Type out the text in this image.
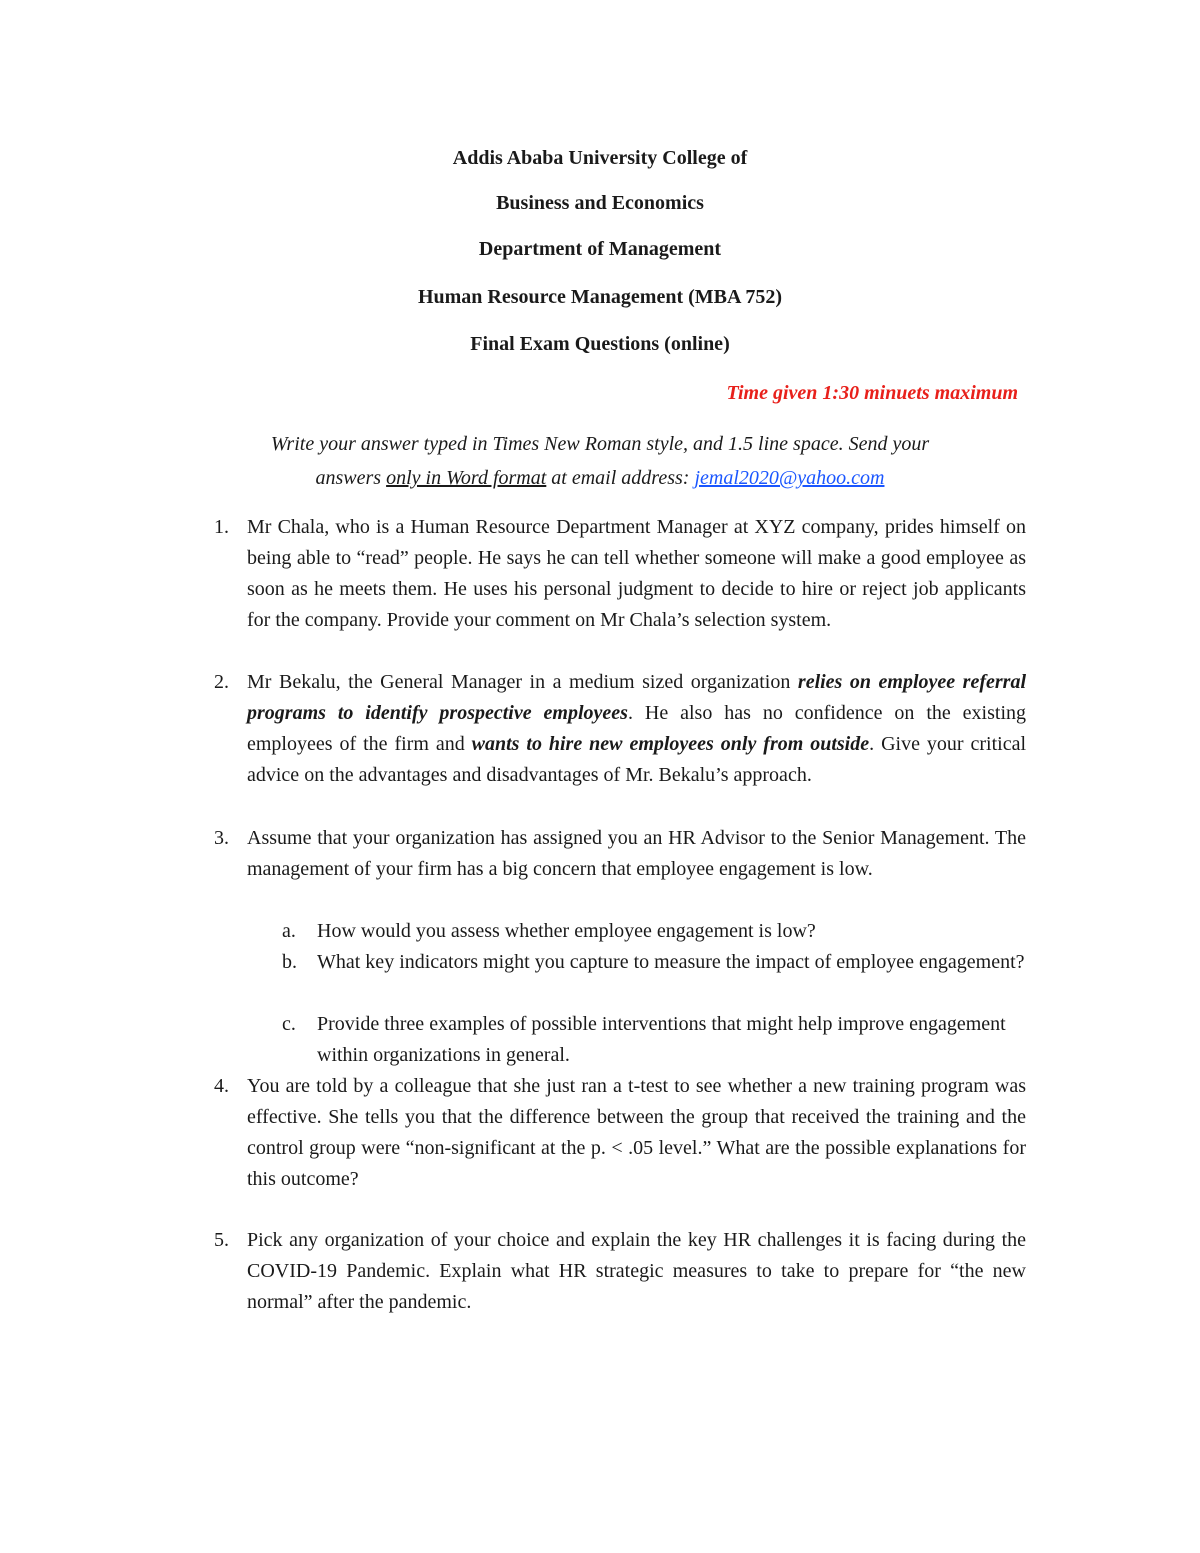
Addis Ababa University College of
Business and Economics
Department of Management
Human Resource Management (MBA 752)
Final Exam Questions (online)
Time given 1:30 minuets maximum
Write your answer typed in Times New Roman style, and 1.5 line space. Send your
answers only in Word format at email address: jemal2020@yahoo.com
1. Mr Chala, who is a Human Resource Department Manager at XYZ company, prides himself on being able to “read” people. He says he can tell whether someone will make a good employee as soon as he meets them. He uses his personal judgment to decide to hire or reject job applicants for the company. Provide your comment on Mr Chala’s selection system.
2. Mr Bekalu, the General Manager in a medium sized organization relies on employee referral programs to identify prospective employees. He also has no confidence on the existing employees of the firm and wants to hire new employees only from outside. Give your critical advice on the advantages and disadvantages of Mr. Bekalu’s approach.
3. Assume that your organization has assigned you an HR Advisor to the Senior Management. The management of your firm has a big concern that employee engagement is low.
a. How would you assess whether employee engagement is low?
b. What key indicators might you capture to measure the impact of employee engagement?
c. Provide three examples of possible interventions that might help improve engagement within organizations in general.
4. You are told by a colleague that she just ran a t-test to see whether a new training program was effective. She tells you that the difference between the group that received the training and the control group were “non-significant at the p. < .05 level.” What are the possible explanations for this outcome?
5. Pick any organization of your choice and explain the key HR challenges it is facing during the COVID-19 Pandemic. Explain what HR strategic measures to take to prepare for “the new normal” after the pandemic.
